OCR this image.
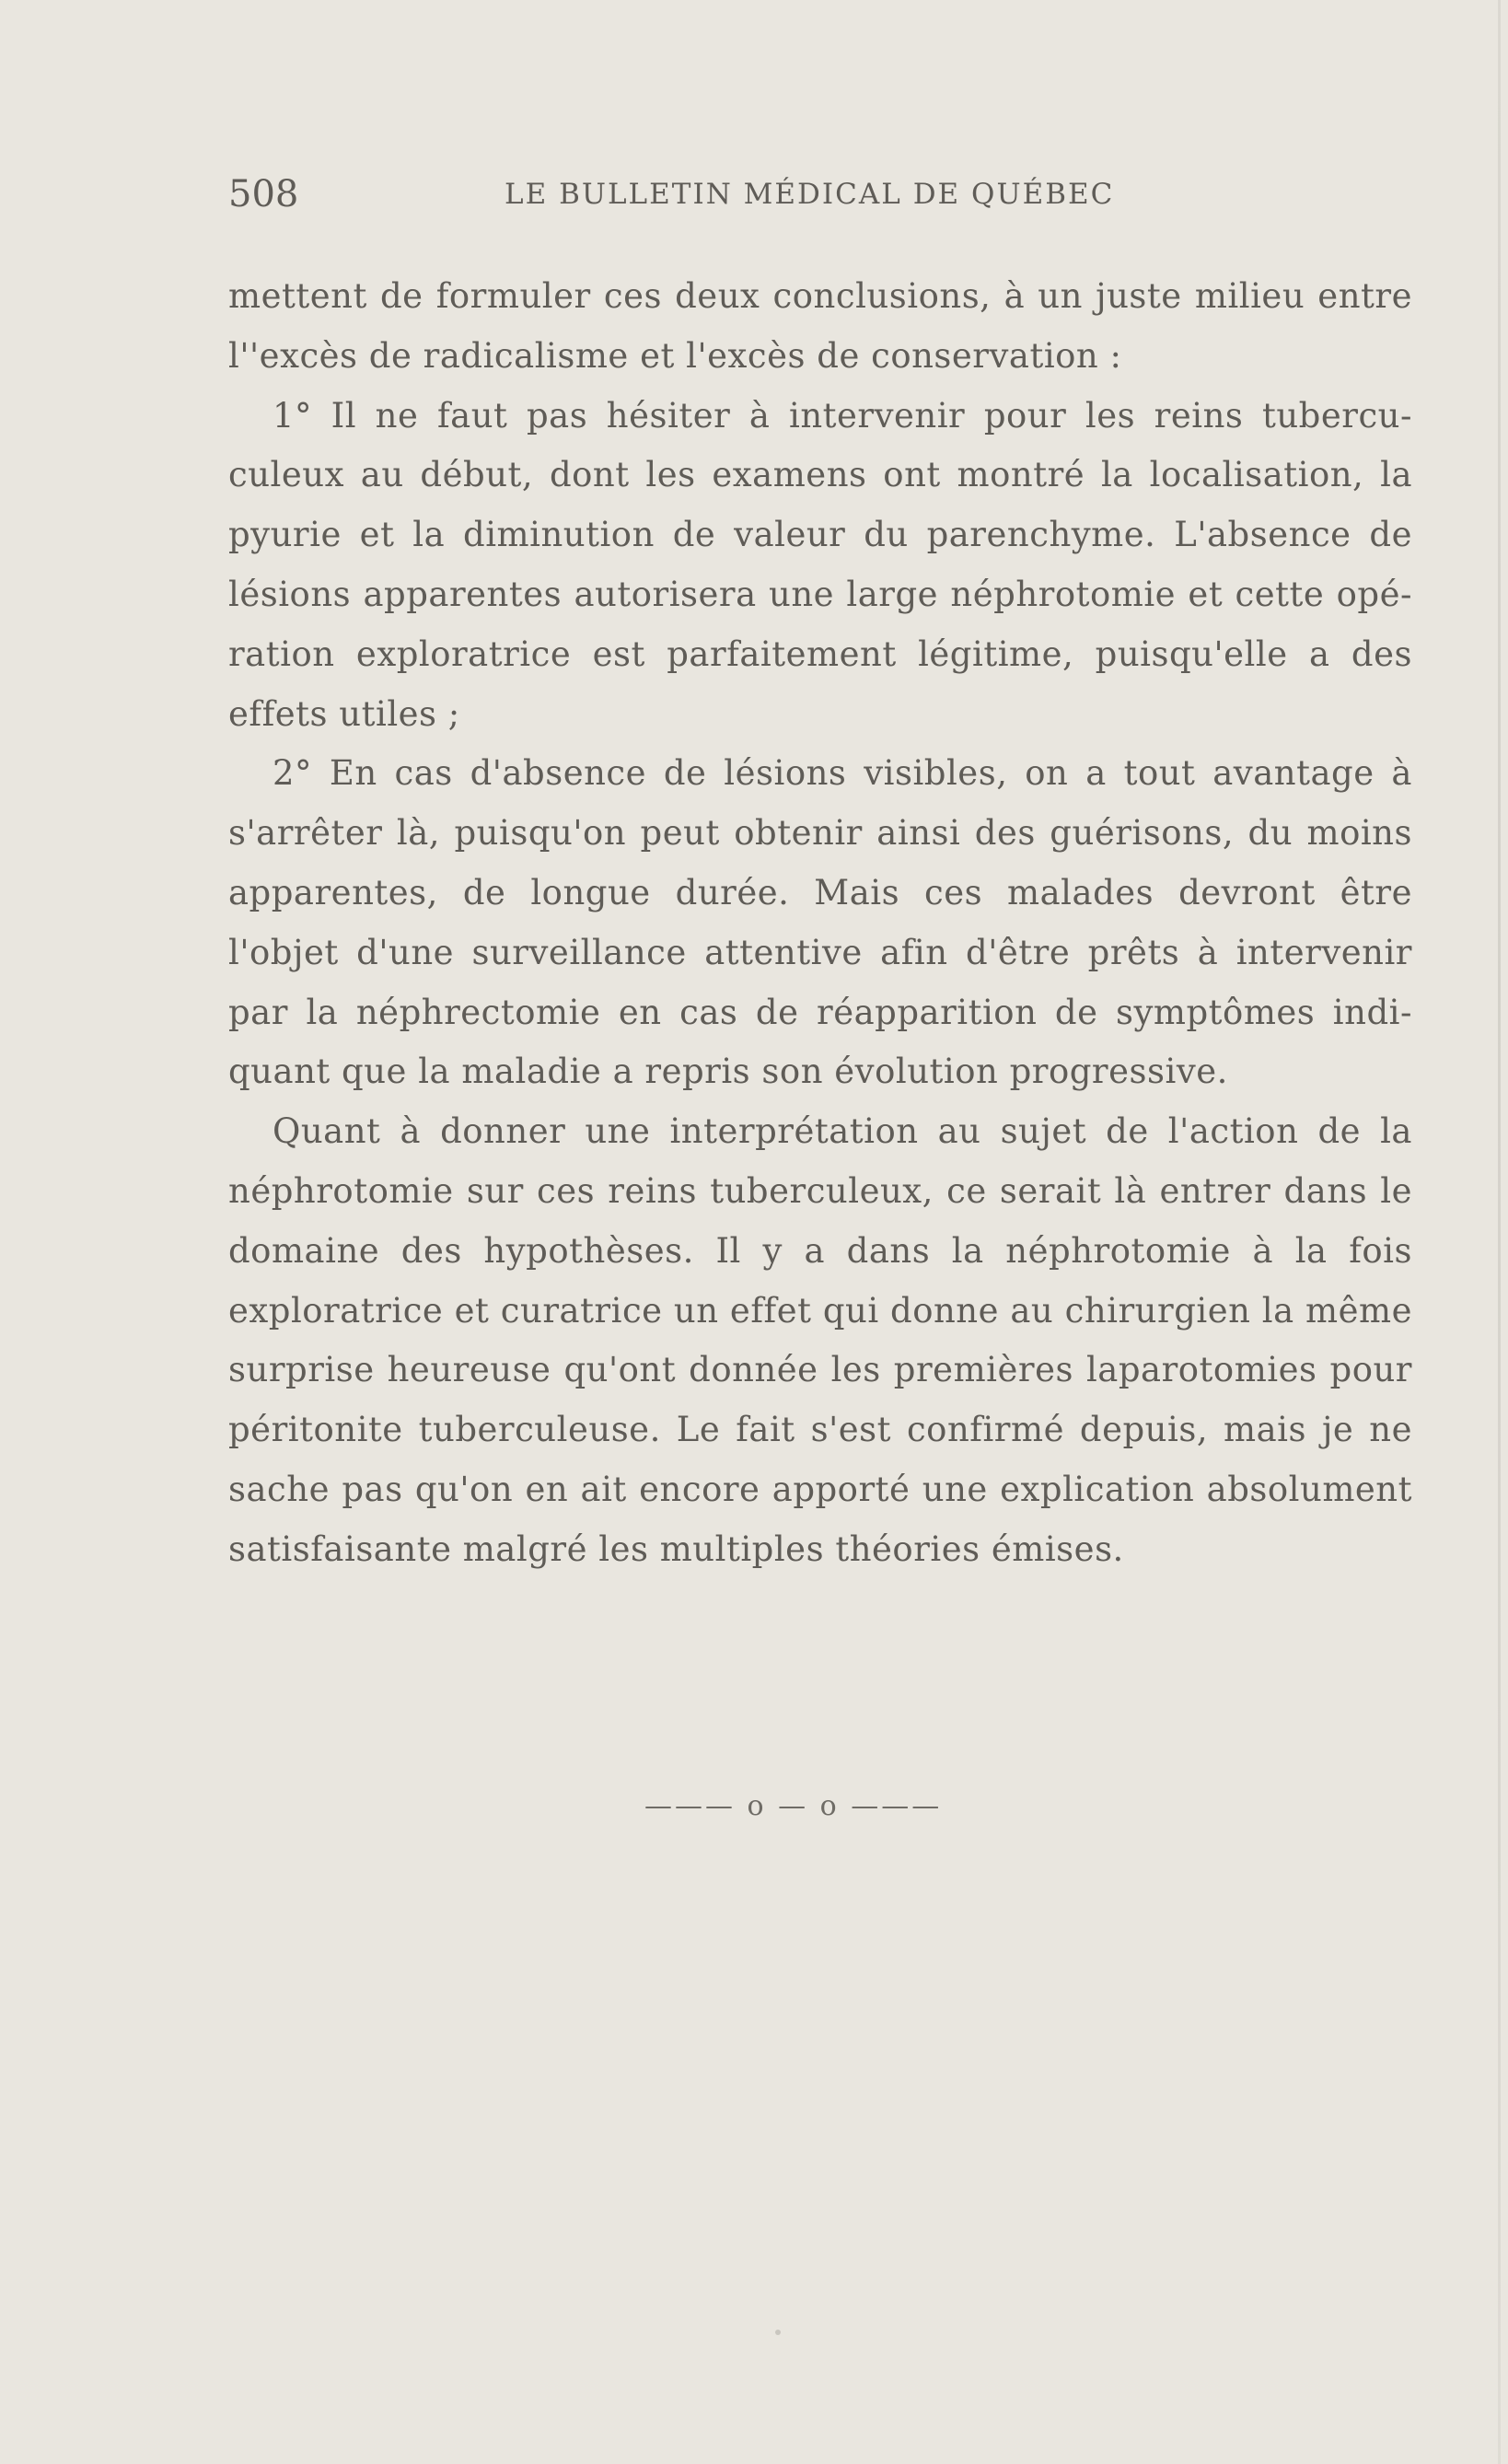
508	LE BULLETIN MÉDICAL DE QUÉBEC
mettent de formuler ces deux conclusions, à un juste milieu entre
l''excès de radicalisme et l'excès de conservation :
1° Il ne faut pas hésiter à intervenir pour les reins tubercu-
culeux au début, dont les examens ont montré la localisation, la
pyurie et la diminution de valeur du parenchyme. L'absence de
lésions apparentes autorisera une large néphrotomie et cette opé-
ration exploratrice est parfaitement légitime, puisqu'elle a des
effets utiles ;
2° En cas d'absence de lésions visibles, on a tout avantage à
s'arrêter là, puisqu'on peut obtenir ainsi des guérisons, du moins
apparentes, de longue durée. Mais ces malades devront être
l'objet d'une surveillance attentive afin d'être prêts à intervenir
par la néphrectomie en cas de réapparition de symptômes indi-
quant que la maladie a repris son évolution progressive.
Quant à donner une interprétation au sujet de l'action de la
néphrotomie sur ces reins tuberculeux, ce serait là entrer dans le
domaine des hypothèses. Il y a dans la néphrotomie à la fois
exploratrice et curatrice un effet qui donne au chirurgien la même
surprise heureuse qu'ont donnée les premières laparotomies pour
péritonite tuberculeuse. Le fait s'est confirmé depuis, mais je ne
sache pas qu'on en ait encore apporté une explication absolument
satisfaisante malgré les multiples théories émises.
——— o — o ———
